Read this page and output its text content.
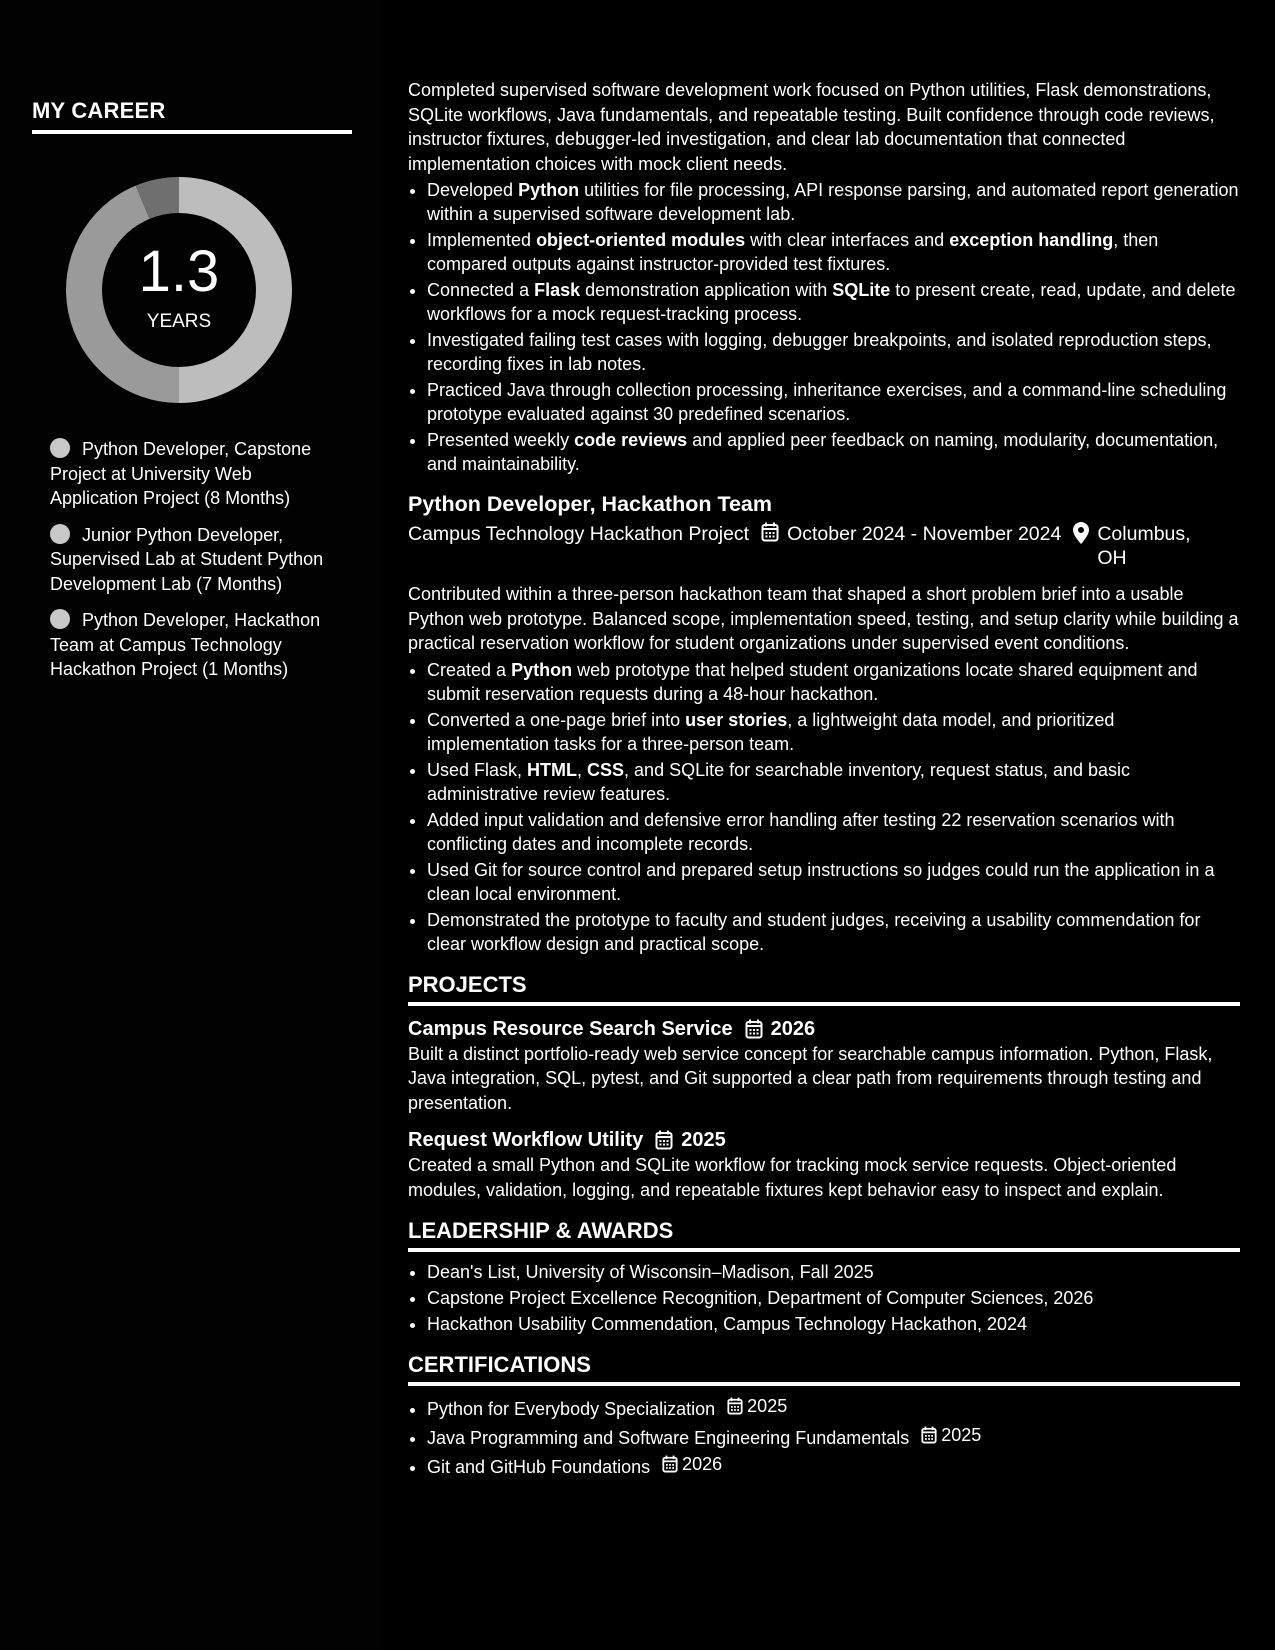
MY CAREER
1.3
YEARS
Python Developer, Capstone Project at University Web Application Project (8 Months)
Junior Python Developer, Supervised Lab at Student Python Development Lab (7 Months)
Python Developer, Hackathon Team at Campus Technology Hackathon Project (1 Months)

Completed supervised software development work focused on Python utilities, Flask demonstrations, SQLite workflows, Java fundamentals, and repeatable testing. Built confidence through code reviews, instructor fixtures, debugger-led investigation, and clear lab documentation that connected implementation choices with mock client needs.

• Developed Python utilities for file processing, API response parsing, and automated report generation within a supervised software development lab.
• Implemented object-oriented modules with clear interfaces and exception handling, then compared outputs against instructor-provided test fixtures.
• Connected a Flask demonstration application with SQLite to present create, read, update, and delete workflows for a mock request-tracking process.
• Investigated failing test cases with logging, debugger breakpoints, and isolated reproduction steps, recording fixes in lab notes.
• Practiced Java through collection processing, inheritance exercises, and a command-line scheduling prototype evaluated against 30 predefined scenarios.
• Presented weekly code reviews and applied peer feedback on naming, modularity, documentation, and maintainability.
Python Developer, Hackathon Team
Campus Technology Hackathon Project October 2024 - November 2024 Columbus, OH

Contributed within a three-person hackathon team that shaped a short problem brief into a usable Python web prototype. Balanced scope, implementation speed, testing, and setup clarity while building a practical reservation workflow for student organizations under supervised event conditions.

• Created a Python web prototype that helped student organizations locate shared equipment and submit reservation requests during a 48-hour hackathon.
• Converted a one-page brief into user stories, a lightweight data model, and prioritized implementation tasks for a three-person team.
• Used Flask, HTML, CSS, and SQLite for searchable inventory, request status, and basic administrative review features.
• Added input validation and defensive error handling after testing 22 reservation scenarios with conflicting dates and incomplete records.
• Used Git for source control and prepared setup instructions so judges could run the application in a clean local environment.
• Demonstrated the prototype to faculty and student judges, receiving a usability commendation for clear workflow design and practical scope.
PROJECTS
Campus Resource Search Service 2026

Built a distinct portfolio-ready web service concept for searchable campus information. Python, Flask, Java integration, SQL, pytest, and Git supported a clear path from requirements through testing and presentation.

Request Workflow Utility 2025

Created a small Python and SQLite workflow for tracking mock service requests. Object-oriented modules, validation, logging, and repeatable fixtures kept behavior easy to inspect and explain.

LEADERSHIP & AWARDS
• Dean's List, University of Wisconsin–Madison, Fall 2025
• Capstone Project Excellence Recognition, Department of Computer Sciences, 2026
• Hackathon Usability Commendation, Campus Technology Hackathon, 2024
CERTIFICATIONS
• Python for Everybody Specialization 2025
• Java Programming and Software Engineering Fundamentals 2025
• Git and GitHub Foundations 2026
